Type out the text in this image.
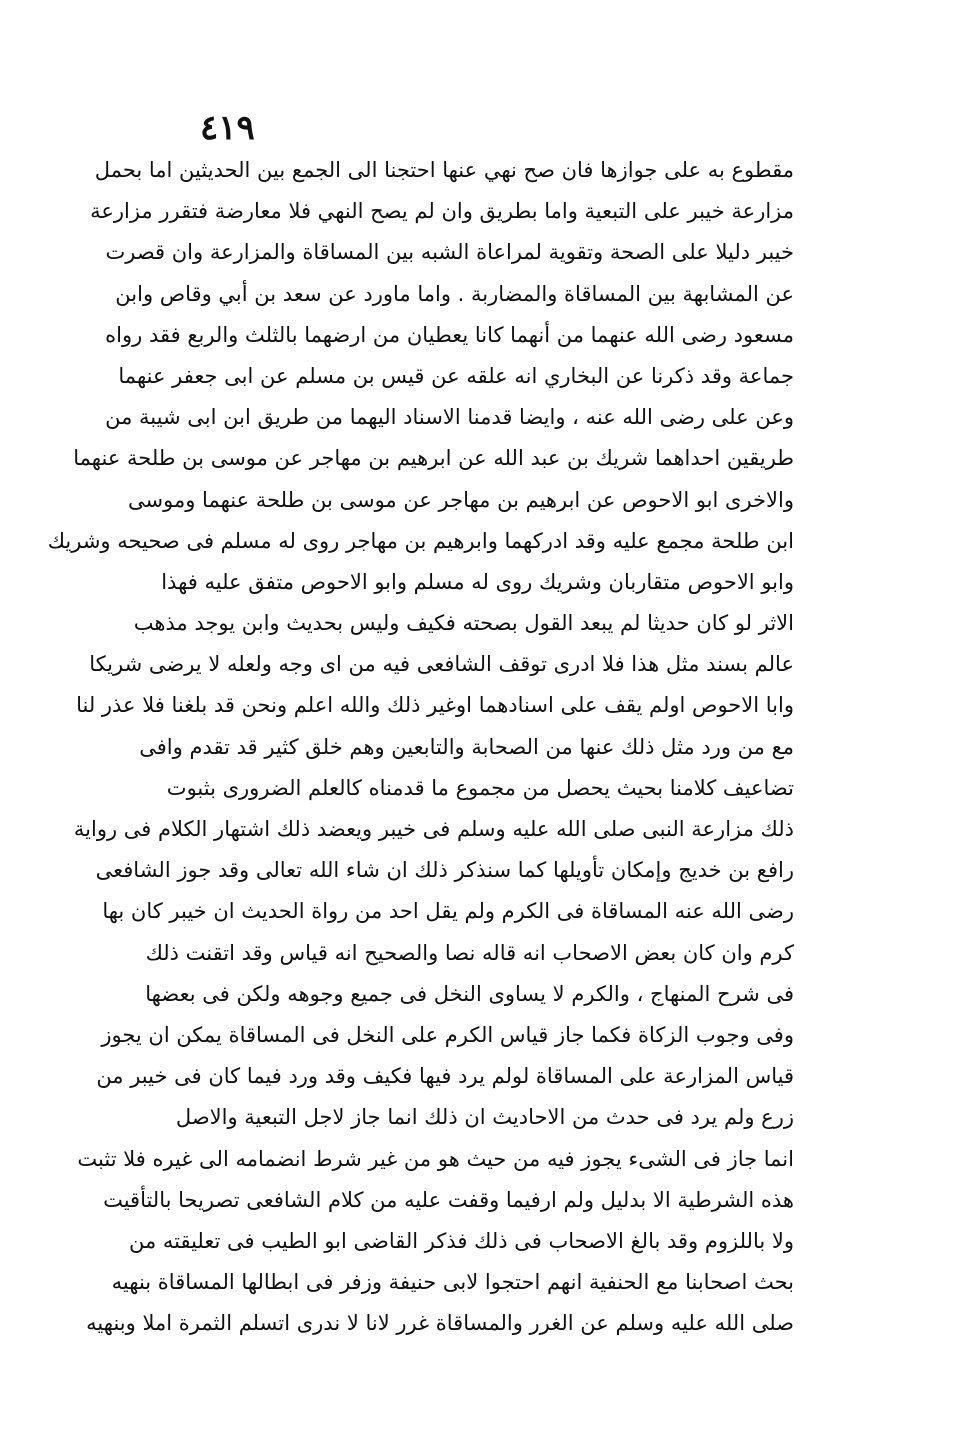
٤١٩
مقطوع به على جوازها فان صح نهي عنها احتجنا الى الجمع بين الحديثين اما بحمل
مزارعة خيبر على التبعية واما بطريق وان لم يصح النهي فلا معارضة فتقرر مزارعة
خيبر دليلا على الصحة وتقوية لمراعاة الشبه بين المساقاة والمزارعة وان قصرت
عن المشابهة بين المساقاة والمضاربة . واما ماورد عن سعد بن أبي وقاص وابن
مسعود رضى الله عنهما من أنهما كانا يعطيان من ارضهما بالثلث والربع فقد رواه
جماعة وقد ذكرنا عن البخاري انه علقه عن قيس بن مسلم عن ابى جعفر عنهما
وعن على رضى الله عنه ، وايضا قدمنا الاسناد اليهما من طريق ابن ابى شيبة من
طريقين احداهما شريك بن عبد الله عن ابرهيم بن مهاجر عن موسى بن طلحة عنهما
والاخرى ابو الاحوص عن ابرهيم بن مهاجر عن موسى بن طلحة عنهما وموسى
ابن طلحة مجمع عليه وقد ادركهما وابرهيم بن مهاجر روى له مسلم فى صحيحه وشريك
وابو الاحوص متقاربان وشريك روى له مسلم وابو الاحوص متفق عليه فهذا
الاثر لو كان حديثا لم يبعد القول بصحته فكيف وليس بحديث وابن يوجد مذهب
عالم بسند مثل هذا فلا ادرى توقف الشافعى فيه من اى وجه ولعله لا يرضى شريكا
وابا الاحوص اولم يقف على اسنادهما اوغير ذلك والله اعلم ونحن قد بلغنا فلا عذر لنا
مع من ورد مثل ذلك عنها من الصحابة والتابعين وهم خلق كثير قد تقدم وافى
تضاعيف كلامنا بحيث يحصل من مجموع ما قدمناه كالعلم الضرورى بثبوت
ذلك مزارعة النبى صلى الله عليه وسلم فى خيبر ويعضد ذلك اشتهار الكلام فى رواية
رافع بن خديج وإمكان تأويلها كما سنذكر ذلك ان شاء الله تعالى وقد جوز الشافعى
رضى الله عنه المساقاة فى الكرم ولم يقل احد من رواة الحديث ان خيبر كان بها
كرم وان كان بعض الاصحاب انه قاله نصا والصحيح انه قياس وقد اتقنت ذلك
فى شرح المنهاج ، والكرم لا يساوى النخل فى جميع وجوهه ولكن فى بعضها
وفى وجوب الزكاة فكما جاز قياس الكرم على النخل فى المساقاة يمكن ان يجوز
قياس المزارعة على المساقاة لولم يرد فيها فكيف وقد ورد فيما كان فى خيبر من
زرع ولم يرد فى حدث من الاحاديث ان ذلك انما جاز لاجل التبعية والاصل
انما جاز فى الشىء يجوز فيه من حيث هو من غير شرط انضمامه الى غيره فلا تثبت
هذه الشرطية الا بدليل ولم ارفيما وقفت عليه من كلام الشافعى تصريحا بالتأقيت
ولا باللزوم وقد بالغ الاصحاب فى ذلك فذكر القاضى ابو الطيب فى تعليقته من
بحث اصحابنا مع الحنفية انهم احتجوا لابى حنيفة وزفر فى ابطالها المساقاة بنهيه
صلى الله عليه وسلم عن الغرر والمساقاة غرر لانا لا ندرى اتسلم الثمرة املا وبنهيه
